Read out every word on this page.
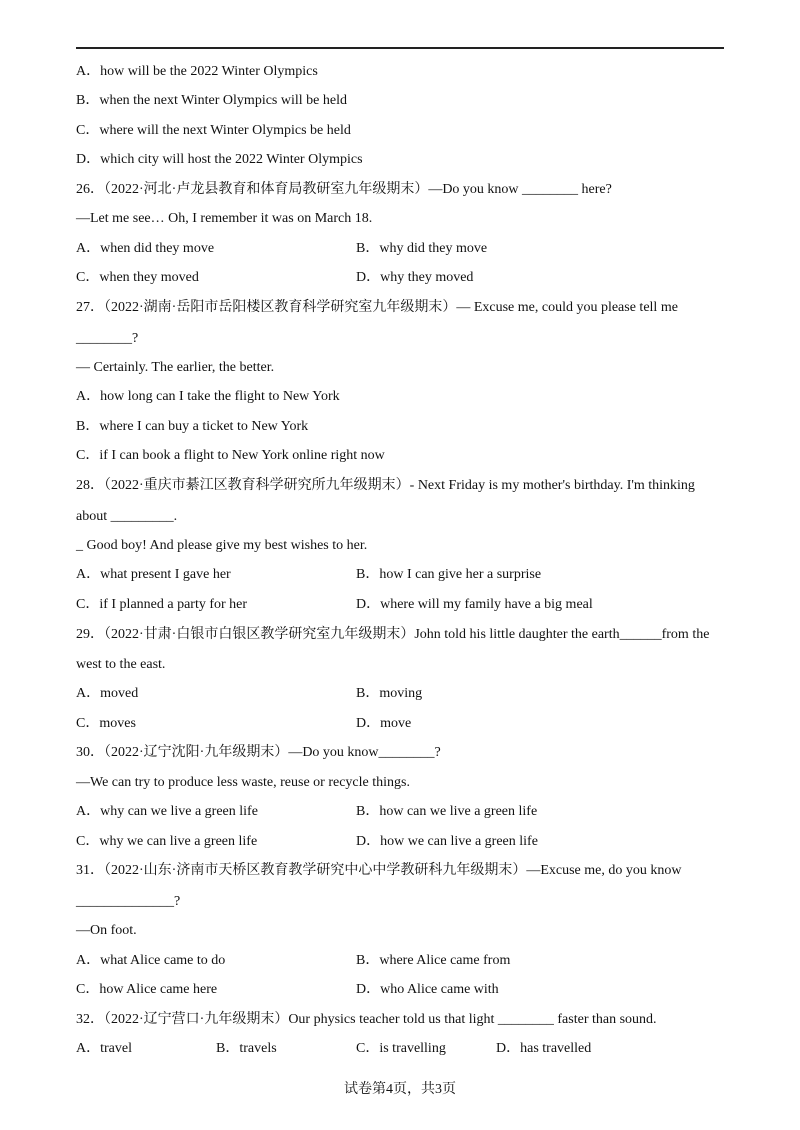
A．how will be the 2022 Winter Olympics
B．when the next Winter Olympics will be held
C．where will the next Winter Olympics be held
D．which city will host the 2022 Winter Olympics
26．（2022·河北·卢龙县教育和体育局教研室九年级期末）—Do you know ________ here?
—Let me see… Oh, I remember it was on March 18.
A．when did they move	B．why did they move
C．when they moved	D．why they moved
27．（2022·湖南·岳阳市岳阳楼区教育科学研究室九年级期末）— Excuse me, could you please tell me
________?
— Certainly. The earlier, the better.
A．how long can I take the flight to New York
B．where I can buy a ticket to New York
C．if I can book a flight to New York online right now
28．（2022·重庆市綦江区教育科学研究所九年级期末）- Next Friday is my mother's birthday. I'm thinking
about _________.
_ Good boy! And please give my best wishes to her.
A．what present I gave her	B．how I can give her a surprise
C．if I planned a party for her	D．where will my family have a big meal
29．（2022·甘肃·白银市白银区教学研究室九年级期末）John told his little daughter the earth______from the
west to the east.
A．moved	B．moving
C．moves	D．move
30．（2022·辽宁沈阳·九年级期末）—Do you know________?
—We can try to produce less waste, reuse or recycle things.
A．why can we live a green life	B．how can we live a green life
C．why we can live a green life	D．how we can live a green life
31．（2022·山东·济南市天桥区教育教学研究中心中学教研科九年级期末）—Excuse me, do you know
______________?
—On foot.
A．what Alice came to do	B．where Alice came from
C．how Alice came here	D．who Alice came with
32．（2022·辽宁营口·九年级期末）Our physics teacher told us that light ________ faster than sound.
A．travel	B．travels	C．is travelling	D．has travelled
试卷第4页，共3页
